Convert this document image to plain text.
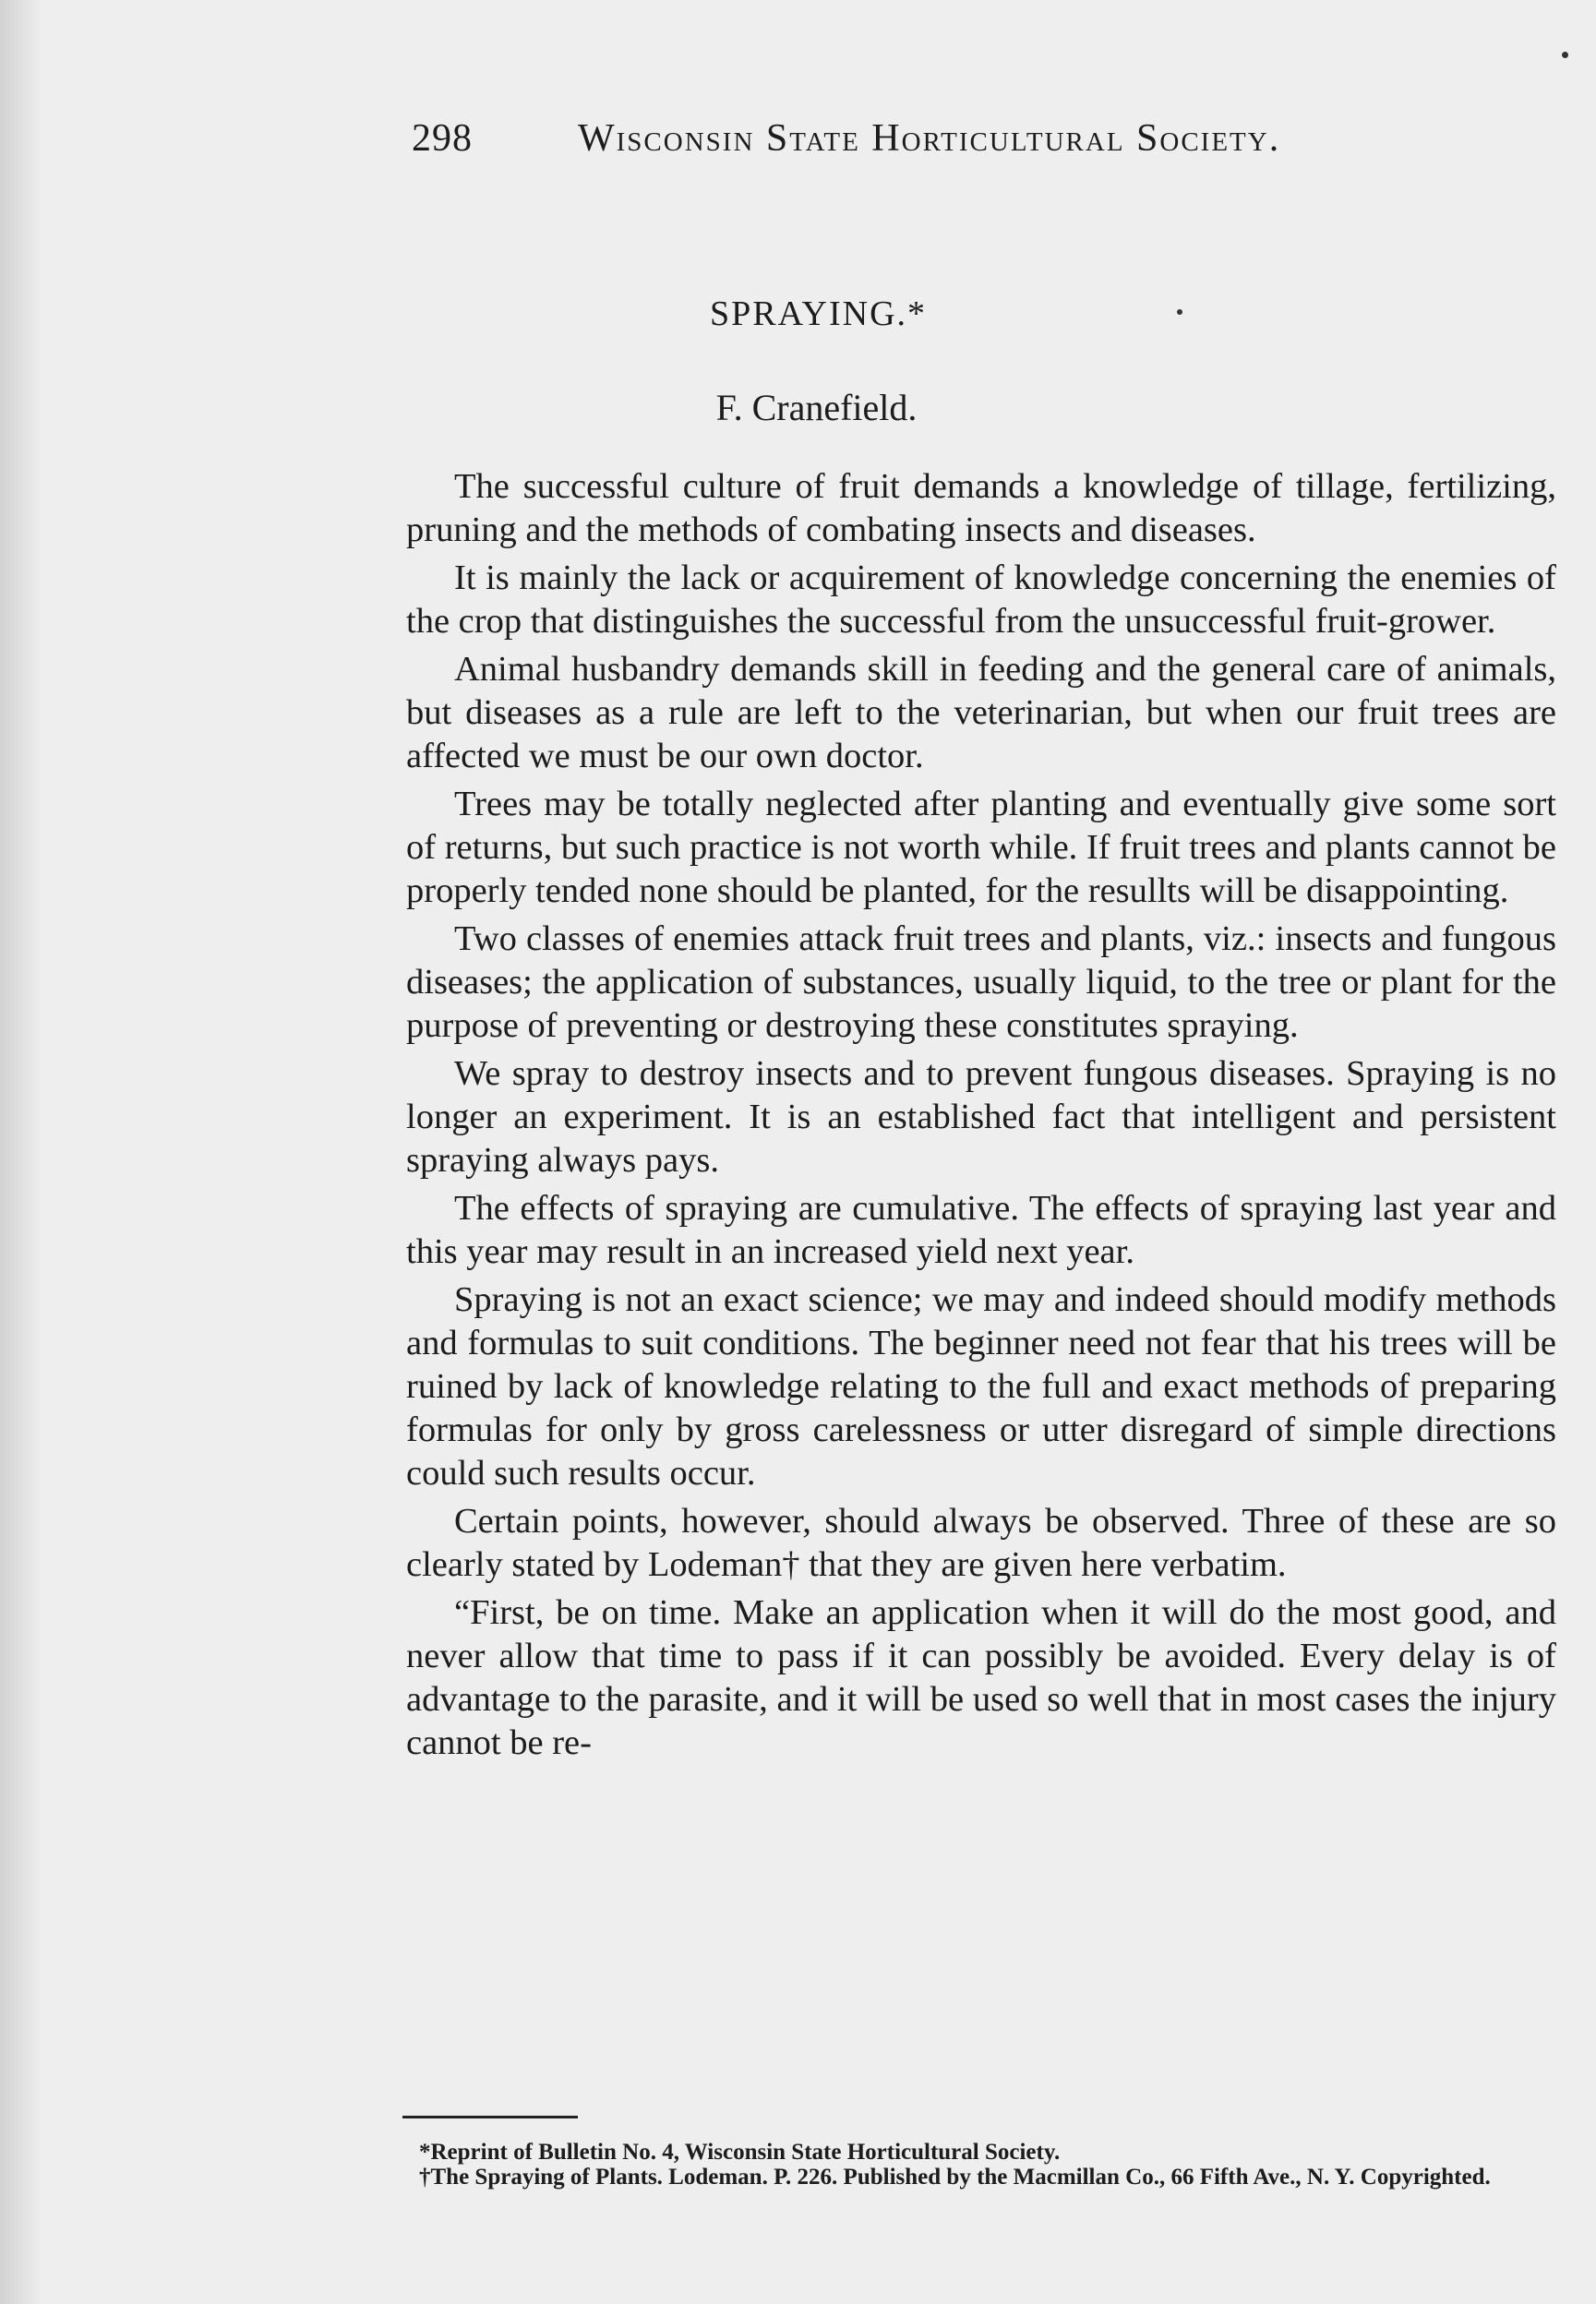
298	Wisconsin State Horticultural Society.
SPRAYING.*
F. Cranefield.

The successful culture of fruit demands a knowledge of tillage, fertilizing, pruning and the methods of combating insects and diseases.

It is mainly the lack or acquirement of knowledge concerning the enemies of the crop that distinguishes the successful from the unsuccessful fruit-grower.

Animal husbandry demands skill in feeding and the general care of animals, but diseases as a rule are left to the veterinarian, but when our fruit trees are affected we must be our own doctor.

Trees may be totally neglected after planting and eventually give some sort of returns, but such practice is not worth while. If fruit trees and plants cannot be properly tended none should be planted, for the resullts will be disappointing.

Two classes of enemies attack fruit trees and plants, viz.: insects and fungous diseases; the application of substances, usually liquid, to the tree or plant for the purpose of preventing or destroying these constitutes spraying.

We spray to destroy insects and to prevent fungous diseases. Spraying is no longer an experiment. It is an established fact that intelligent and persistent spraying always pays.

The effects of spraying are cumulative. The effects of spraying last year and this year may result in an increased yield next year.

Spraying is not an exact science; we may and indeed should modify methods and formulas to suit conditions. The beginner need not fear that his trees will be ruined by lack of knowledge relating to the full and exact methods of preparing formulas for only by gross carelessness or utter disregard of simple directions could such results occur.

Certain points, however, should always be observed. Three of these are so clearly stated by Lodeman† that they are given here verbatim.

“First, be on time. Make an application when it will do the most good, and never allow that time to pass if it can possibly be avoided. Every delay is of advantage to the parasite, and it will be used so well that in most cases the injury cannot be re-

*Reprint of Bulletin No. 4, Wisconsin State Horticultural Society.

†The Spraying of Plants. Lodeman. P. 226. Published by the Macmillan Co., 66 Fifth Ave., N. Y. Copyrighted.
